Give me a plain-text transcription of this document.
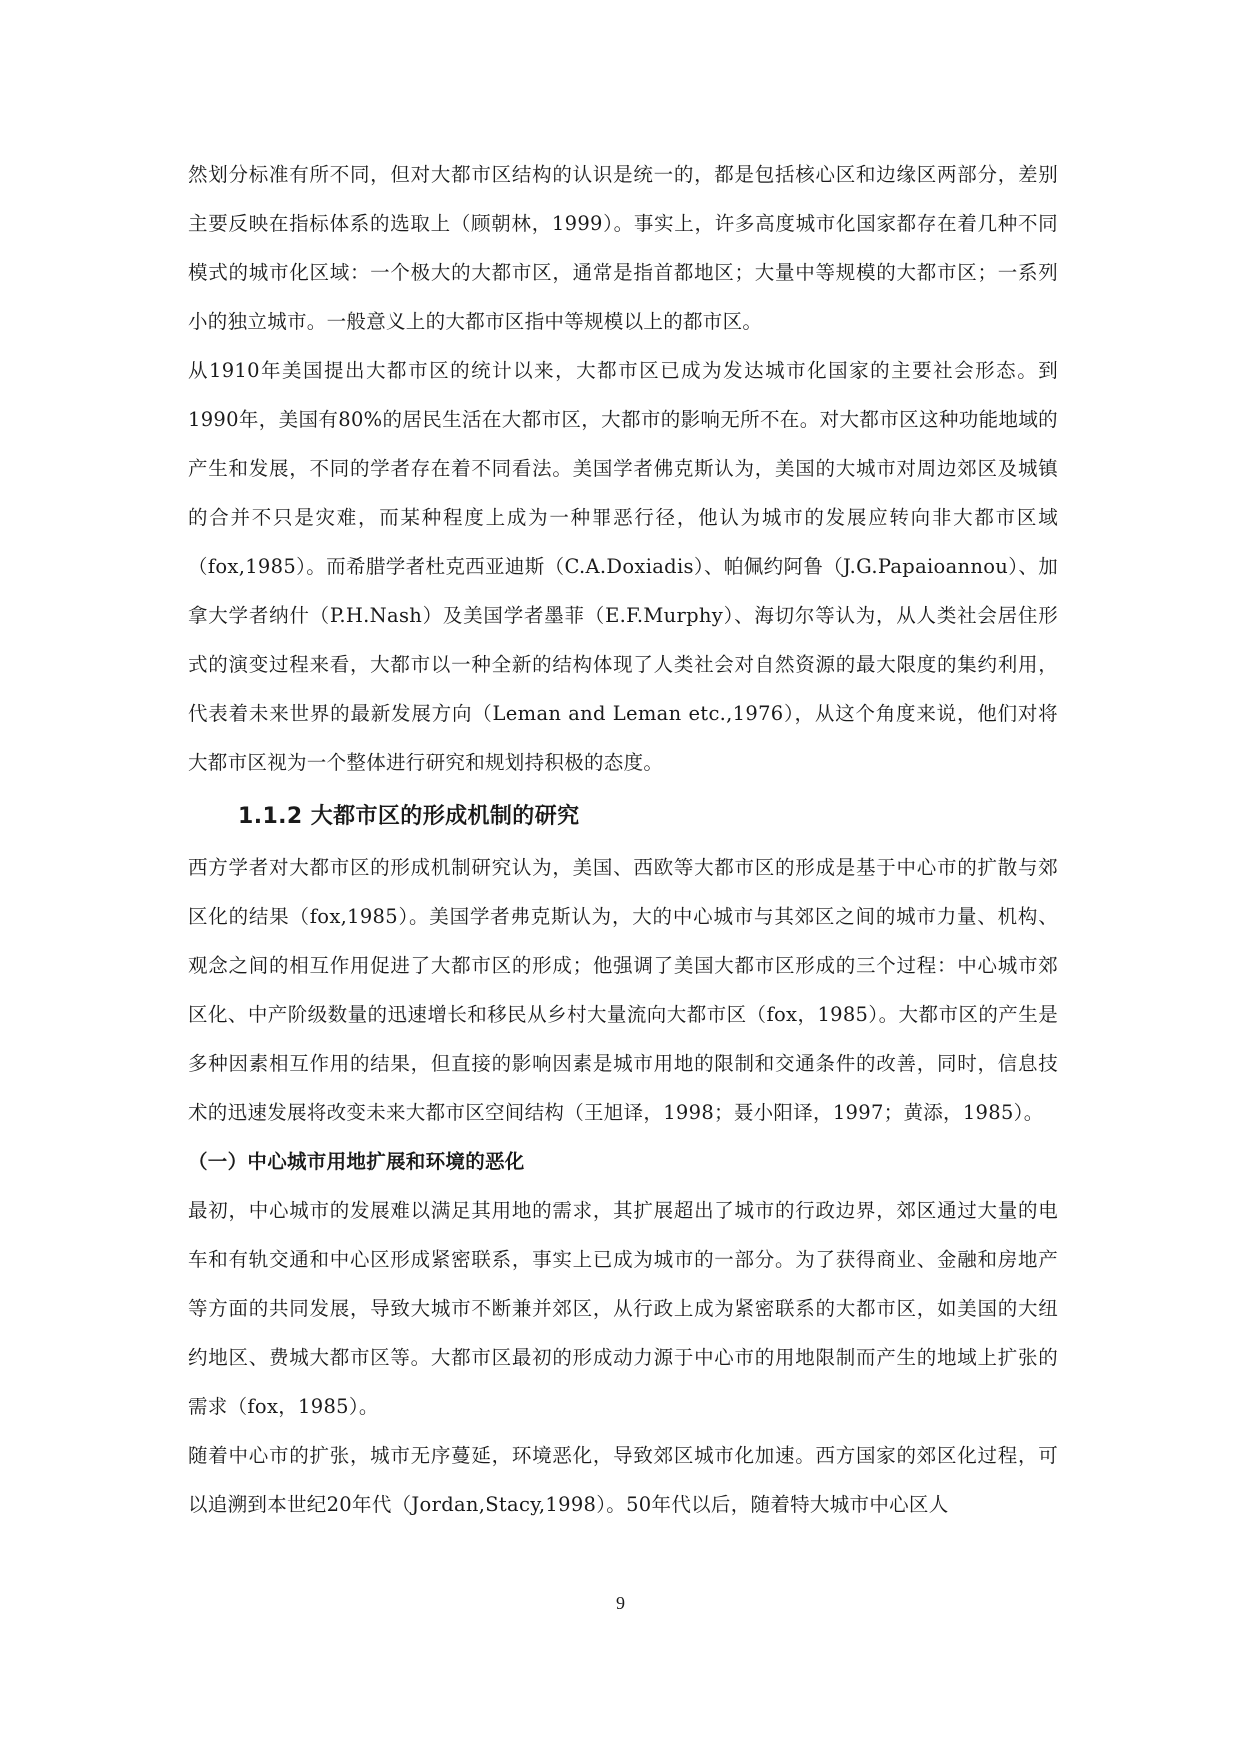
然划分标准有所不同，但对大都市区结构的认识是统一的，都是包括核心区和边缘区两部分，差别主要反映在指标体系的选取上（顾朝林，1999）。事实上，许多高度城市化国家都存在着几种不同模式的城市化区域：一个极大的大都市区，通常是指首都地区；大量中等规模的大都市区；一系列小的独立城市。一般意义上的大都市区指中等规模以上的都市区。

从1910年美国提出大都市区的统计以来，大都市区已成为发达城市化国家的主要社会形态。到1990年，美国有80%的居民生活在大都市区，大都市的影响无所不在。对大都市区这种功能地域的产生和发展，不同的学者存在着不同看法。美国学者佛克斯认为，美国的大城市对周边郊区及城镇的合并不只是灾难，而某种程度上成为一种罪恶行径，他认为城市的发展应转向非大都市区域（fox,1985）。而希腊学者杜克西亚迪斯（C.A.Doxiadis）、帕佩约阿鲁（J.G.Papaioannou）、加拿大学者纳什（P.H.Nash）及美国学者墨菲（E.F.Murphy）、海切尔等认为，从人类社会居住形式的演变过程来看，大都市以一种全新的结构体现了人类社会对自然资源的最大限度的集约利用，代表着未来世界的最新发展方向（Leman and Leman etc.,1976），从这个角度来说，他们对将大都市区视为一个整体进行研究和规划持积极的态度。

1.1.2 大都市区的形成机制的研究

西方学者对大都市区的形成机制研究认为，美国、西欧等大都市区的形成是基于中心市的扩散与郊区化的结果（fox,1985）。美国学者弗克斯认为，大的中心城市与其郊区之间的城市力量、机构、观念之间的相互作用促进了大都市区的形成；他强调了美国大都市区形成的三个过程：中心城市郊区化、中产阶级数量的迅速增长和移民从乡村大量流向大都市区（fox，1985）。大都市区的产生是多种因素相互作用的结果，但直接的影响因素是城市用地的限制和交通条件的改善，同时，信息技术的迅速发展将改变未来大都市区空间结构（王旭译，1998；聂小阳译，1997；黄添，1985）。

（一）中心城市用地扩展和环境的恶化

最初，中心城市的发展难以满足其用地的需求，其扩展超出了城市的行政边界，郊区通过大量的电车和有轨交通和中心区形成紧密联系，事实上已成为城市的一部分。为了获得商业、金融和房地产等方面的共同发展，导致大城市不断兼并郊区，从行政上成为紧密联系的大都市区，如美国的大纽约地区、费城大都市区等。大都市区最初的形成动力源于中心市的用地限制而产生的地域上扩张的需求（fox，1985）。

随着中心市的扩张，城市无序蔓延，环境恶化，导致郊区城市化加速。西方国家的郊区化过程，可以追溯到本世纪20年代（Jordan,Stacy,1998）。50年代以后，随着特大城市中心区人

9
